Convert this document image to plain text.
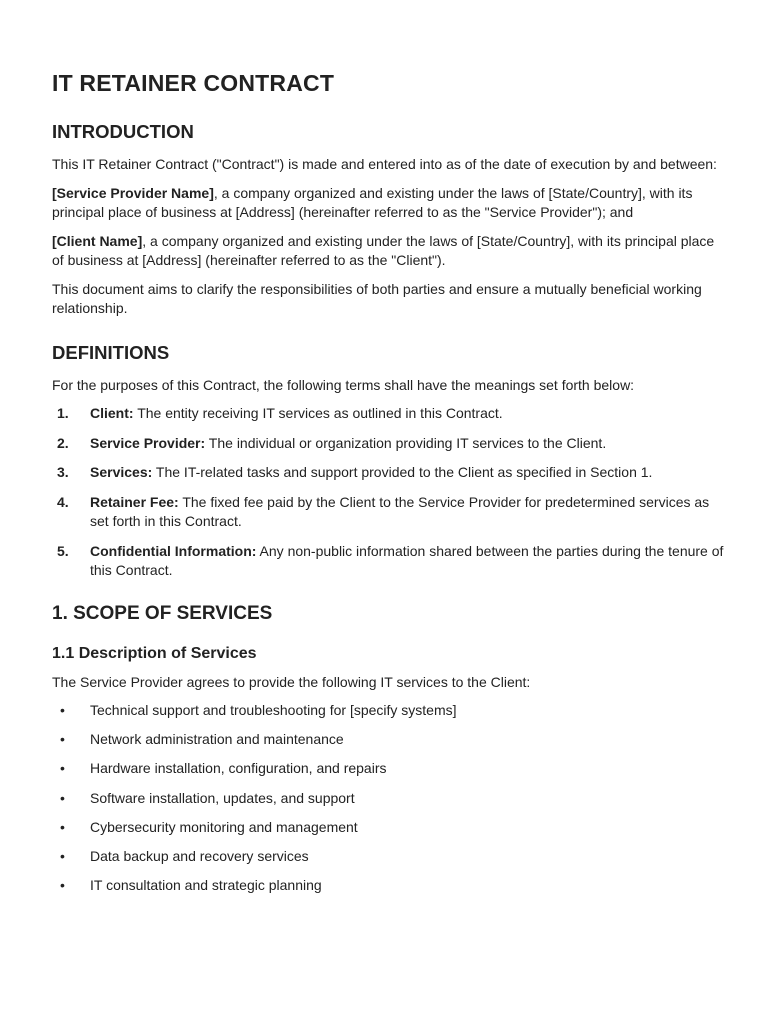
IT RETAINER CONTRACT
INTRODUCTION

This IT Retainer Contract ("Contract") is made and entered into as of the date of execution by and between:

[Service Provider Name], a company organized and existing under the laws of [State/Country], with its principal place of business at [Address] (hereinafter referred to as the "Service Provider"); and

[Client Name], a company organized and existing under the laws of [State/Country], with its principal place of business at [Address] (hereinafter referred to as the "Client").

This document aims to clarify the responsibilities of both parties and ensure a mutually beneficial working relationship.

DEFINITIONS

For the purposes of this Contract, the following terms shall have the meanings set forth below:

1. Client: The entity receiving IT services as outlined in this Contract.
2. Service Provider: The individual or organization providing IT services to the Client.
3. Services: The IT-related tasks and support provided to the Client as specified in Section 1.
4. Retainer Fee: The fixed fee paid by the Client to the Service Provider for predetermined services as set forth in this Contract.
5. Confidential Information: Any non-public information shared between the parties during the tenure of this Contract.
1. SCOPE OF SERVICES
1.1 Description of Services

The Service Provider agrees to provide the following IT services to the Client:

• Technical support and troubleshooting for [specify systems]
• Network administration and maintenance
• Hardware installation, configuration, and repairs
• Software installation, updates, and support
• Cybersecurity monitoring and management
• Data backup and recovery services
• IT consultation and strategic planning
